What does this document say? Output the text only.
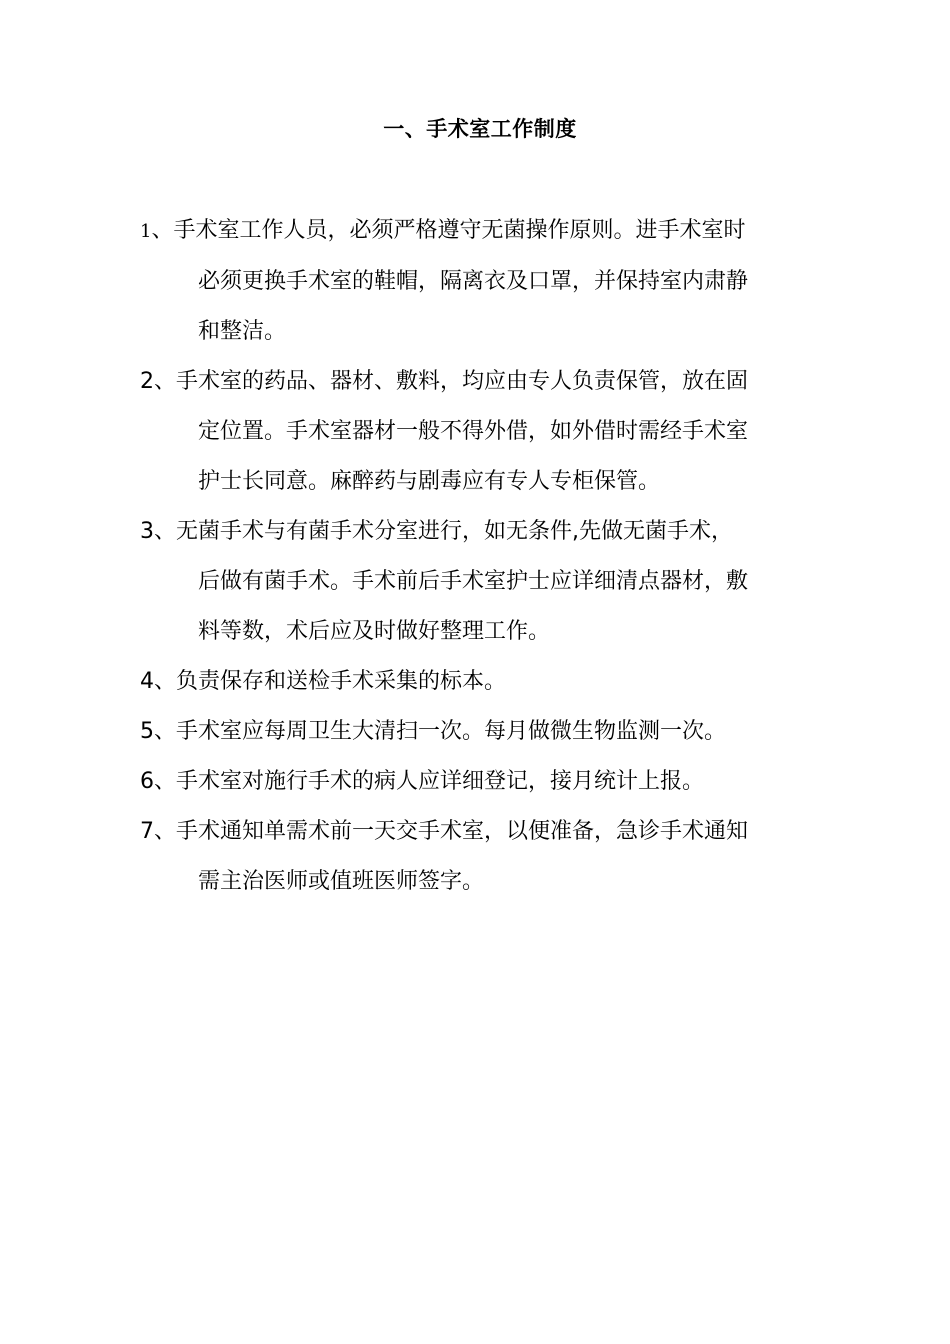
一、手术室工作制度
1、手术室工作人员，必须严格遵守无菌操作原则。进手术室时
必须更换手术室的鞋帽，隔离衣及口罩，并保持室内肃静
和整洁。
2、手术室的药品、器材、敷料，均应由专人负责保管，放在固
定位置。手术室器材一般不得外借，如外借时需经手术室
护士长同意。麻醉药与剧毒应有专人专柜保管。
3、无菌手术与有菌手术分室进行，如无条件,先做无菌手术，
后做有菌手术。手术前后手术室护士应详细清点器材，敷
料等数，术后应及时做好整理工作。
4、负责保存和送检手术采集的标本。
5、手术室应每周卫生大清扫一次。每月做微生物监测一次。
6、手术室对施行手术的病人应详细登记，接月统计上报。
7、手术通知单需术前一天交手术室，以便准备，急诊手术通知
需主治医师或值班医师签字。
